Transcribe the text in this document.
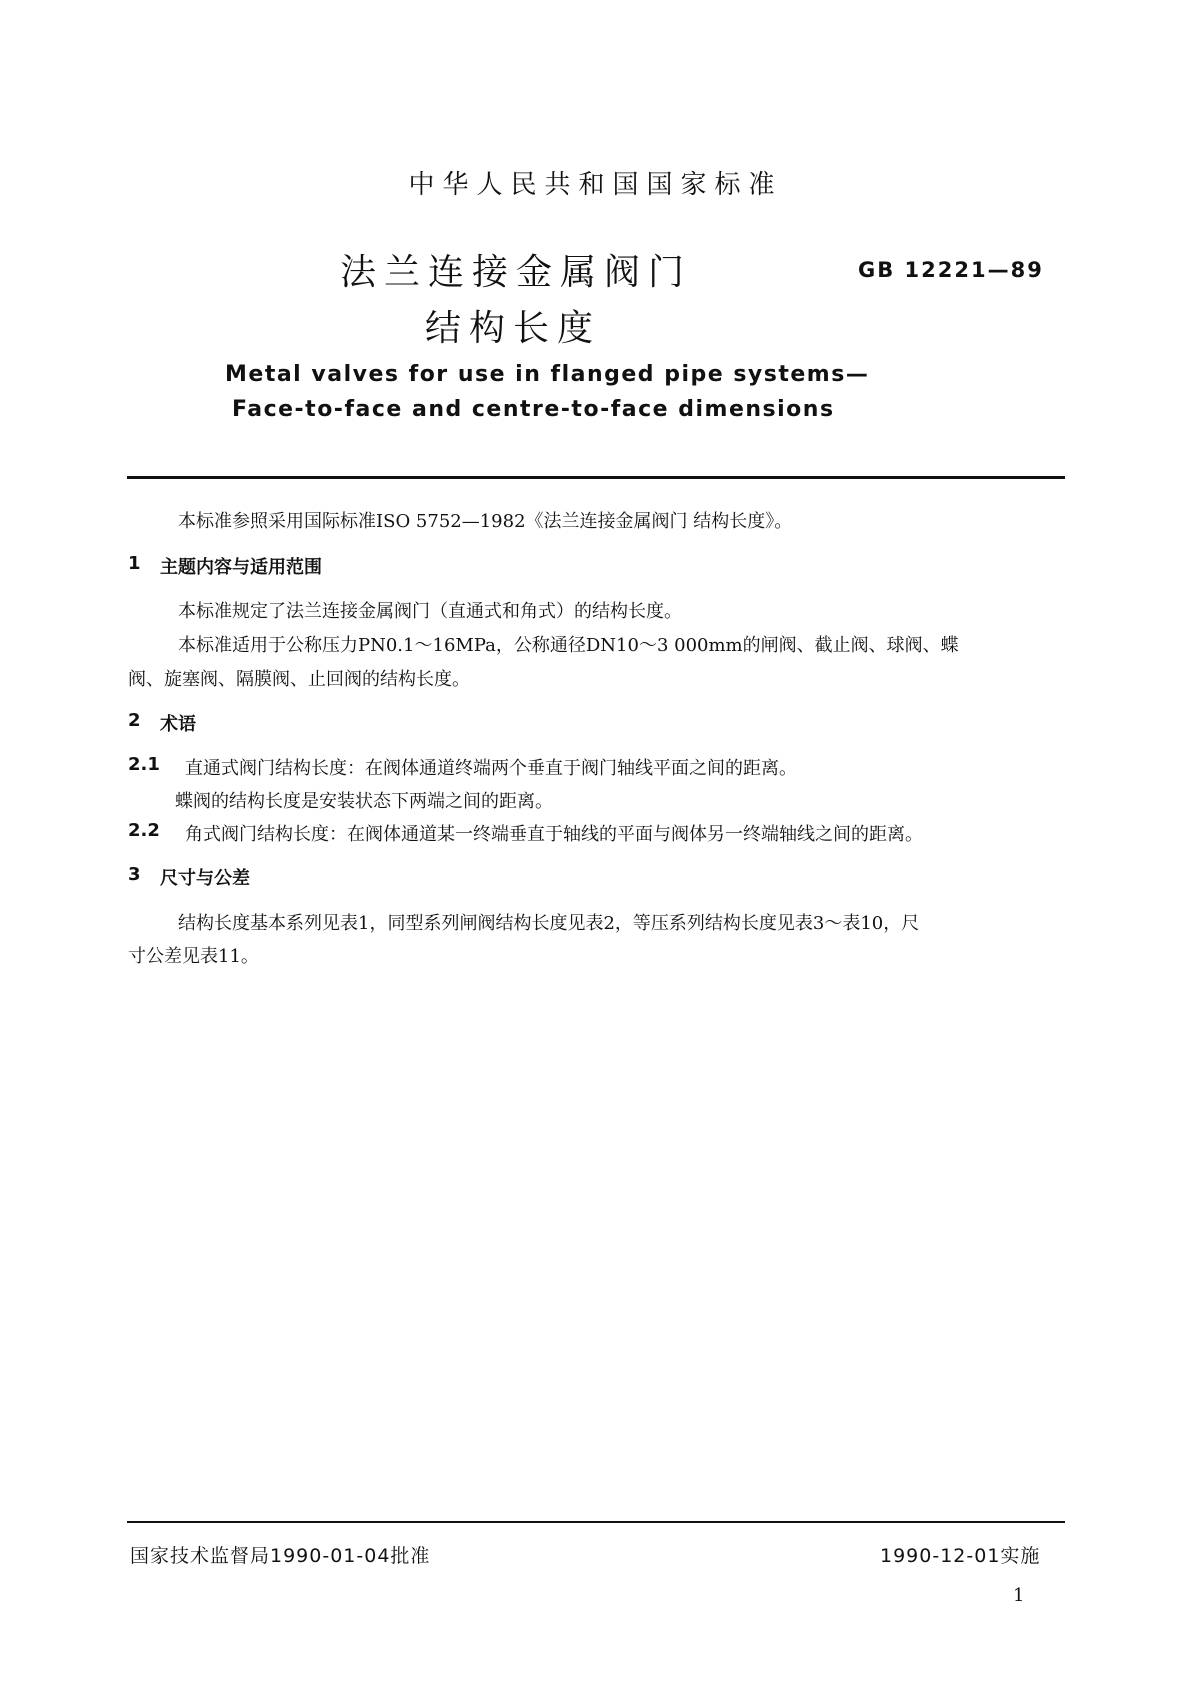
中华人民共和国国家标准
法兰连接金属阀门
结构长度
GB 12221—89
Metal valves for use in flanged pipe systems—
Face-to-face and centre-to-face dimensions
本标准参照采用国际标准ISO 5752—1982《法兰连接金属阀门 结构长度》。
1 主题内容与适用范围
本标准规定了法兰连接金属阀门（直通式和角式）的结构长度。
本标准适用于公称压力PN0.1～16MPa，公称通径DN10～3 000mm的闸阀、截止阀、球阀、蝶
阀、旋塞阀、隔膜阀、止回阀的结构长度。
2 术语
2.1 直通式阀门结构长度：在阀体通道终端两个垂直于阀门轴线平面之间的距离。
蝶阀的结构长度是安装状态下两端之间的距离。
2.2 角式阀门结构长度：在阀体通道某一终端垂直于轴线的平面与阀体另一终端轴线之间的距离。
3 尺寸与公差
结构长度基本系列见表1，同型系列闸阀结构长度见表2，等压系列结构长度见表3～表10，尺
寸公差见表11。
国家技术监督局1990-01-04批准	1990-12-01实施
1
